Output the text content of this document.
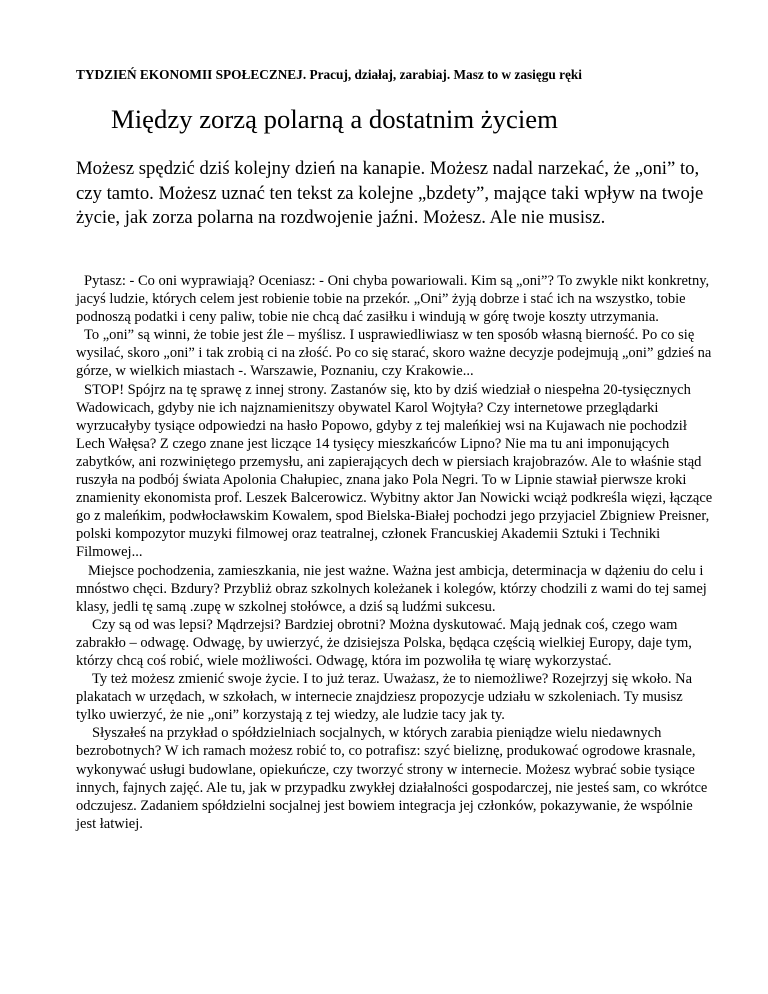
TYDZIEŃ EKONOMII SPOŁECZNEJ. Pracuj, działaj, zarabiaj. Masz to w zasięgu ręki
Między zorzą polarną a dostatnim życiem

Możesz spędzić dziś kolejny dzień na kanapie. Możesz nadal narzekać, że „oni” to, czy tamto. Możesz uznać ten tekst za kolejne „bzdety”, mające taki wpływ na twoje życie, jak zorza polarna na rozdwojenie jaźni. Możesz. Ale nie musisz.

Pytasz: - Co oni wyprawiają? Oceniasz: - Oni chyba powariowali. Kim są „oni”? To zwykle nikt konkretny, jacyś ludzie, których celem jest robienie tobie na przekór. „Oni” żyją dobrze i stać ich na wszystko, tobie podnoszą podatki i ceny paliw, tobie nie chcą dać zasiłku i windują w górę twoje koszty utrzymania.

To „oni” są winni, że tobie jest źle – myślisz. I usprawiedliwiasz w ten sposób własną bierność. Po co się wysilać, skoro „oni” i tak zrobią ci na złość. Po co się starać, skoro ważne decyzje podejmują „oni” gdzieś na górze, w wielkich miastach -. Warszawie, Poznaniu, czy Krakowie...

STOP! Spójrz na tę sprawę z innej strony. Zastanów się, kto by dziś wiedział o niespełna 20-tysięcznych Wadowicach, gdyby nie ich najznamienitszy obywatel Karol Wojtyła? Czy internetowe przeglądarki wyrzucałyby tysiące odpowiedzi na hasło Popowo, gdyby z tej maleńkiej wsi na Kujawach nie pochodził Lech Wałęsa? Z czego znane jest liczące 14 tysięcy mieszkańców Lipno? Nie ma tu ani imponujących zabytków, ani rozwiniętego przemysłu, ani zapierających dech w piersiach krajobrazów. Ale to właśnie stąd ruszyła na podbój świata Apolonia Chałupiec, znana jako Pola Negri. To w Lipnie stawiał pierwsze kroki znamienity ekonomista prof. Leszek Balcerowicz. Wybitny aktor Jan Nowicki wciąż podkreśla więzi, łączące go z maleńkim, podwłocławskim Kowalem, spod Bielska-Białej pochodzi jego przyjaciel Zbigniew Preisner, polski kompozytor muzyki filmowej oraz teatralnej, członek Francuskiej Akademii Sztuki i Techniki Filmowej...

Miejsce pochodzenia, zamieszkania, nie jest ważne. Ważna jest ambicja, determinacja w dążeniu do celu i mnóstwo chęci. Bzdury? Przybliż obraz szkolnych koleżanek i kolegów, którzy chodzili z wami do tej samej klasy, jedli tę samą .zupę w szkolnej stołówce, a dziś są ludźmi sukcesu.

Czy są od was lepsi? Mądrzejsi? Bardziej obrotni? Można dyskutować. Mają jednak coś, czego wam zabrakło – odwagę. Odwagę, by uwierzyć, że dzisiejsza Polska, będąca częścią wielkiej Europy, daje tym, którzy chcą coś robić, wiele możliwości. Odwagę, która im pozwoliła tę wiarę wykorzystać.

Ty też możesz zmienić swoje życie. I to już teraz. Uważasz, że to niemożliwe? Rozejrzyj się wkoło. Na plakatach w urzędach, w szkołach, w internecie znajdziesz propozycje udziału w szkoleniach. Ty musisz tylko uwierzyć, że nie „oni” korzystają z tej wiedzy, ale ludzie tacy jak ty.

Słyszałeś na przykład o spółdzielniach socjalnych, w których zarabia pieniądze wielu niedawnych bezrobotnych? W ich ramach możesz robić to, co potrafisz: szyć bieliznę, produkować ogrodowe krasnale, wykonywać usługi budowlane, opiekuńcze, czy tworzyć strony w internecie. Możesz wybrać sobie tysiące innych, fajnych zajęć. Ale tu, jak w przypadku zwykłej działalności gospodarczej, nie jesteś sam, co wkrótce odczujesz. Zadaniem spółdzielni socjalnej jest bowiem integracja jej członków, pokazywanie, że wspólnie jest łatwiej.
